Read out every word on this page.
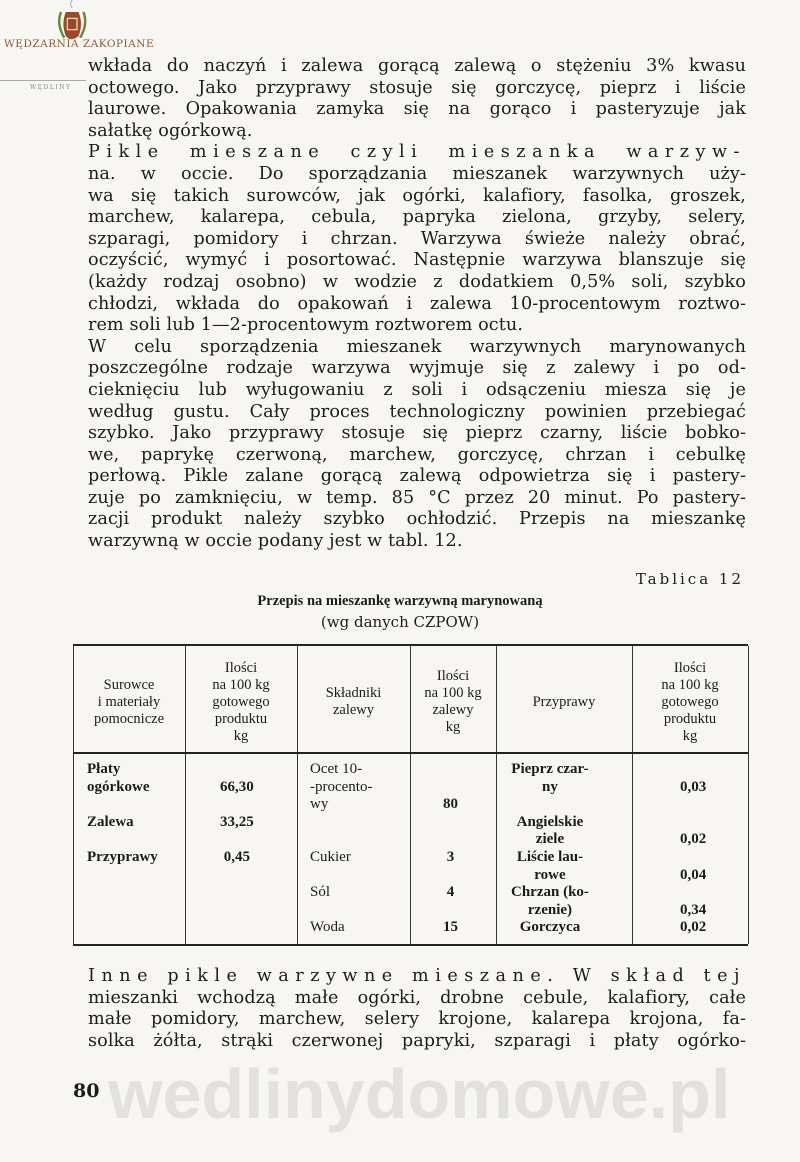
WĘDZARNIA ZAKOPIANE
WĘDLINY
wkłada do naczyń i zalewa gorącą zalewą o stężeniu 3% kwasu
octowego. Jako przyprawy stosuje się gorczycę, pieprz i liście
laurowe. Opakowania zamyka się na gorąco i pasteryzuje jak
sałatkę ogórkową.
Pikle mieszane czyli mieszanka warzyw-
na. w occie. Do sporządzania mieszanek warzywnych uży-
wa się takich surowców, jak ogórki, kalafiory, fasolka, groszek,
marchew, kalarepa, cebula, papryka zielona, grzyby, selery,
szparagi, pomidory i chrzan. Warzywa świeże należy obrać,
oczyścić, wymyć i posortować. Następnie warzywa blanszuje się
(każdy rodzaj osobno) w wodzie z dodatkiem 0,5% soli, szybko
chłodzi, wkłada do opakowań i zalewa 10-procentowym roztwo-
rem soli lub 1—2-procentowym roztworem octu.
W celu sporządzenia mieszanek warzywnych marynowanych
poszczególne rodzaje warzywa wyjmuje się z zalewy i po od-
cieknięciu lub wyługowaniu z soli i odsączeniu miesza się je
według gustu. Cały proces technologiczny powinien przebiegać
szybko. Jako przyprawy stosuje się pieprz czarny, liście bobko-
we, paprykę czerwoną, marchew, gorczycę, chrzan i cebulkę
perłową. Pikle zalane gorącą zalewą odpowietrza się i pastery-
zuje po zamknięciu, w temp. 85 °C przez 20 minut. Po pastery-
zacji produkt należy szybko ochłodzić. Przepis na mieszankę
warzywną w occie podany jest w tabl. 12.
Tablica 12
Przepis na mieszankę warzywną marynowaną
(wg danych CZPOW)
Surowce
i materiały
pomocnicze
Ilości
na 100 kg
gotowego
produktu
kg
Składniki
zalewy
Ilości
na 100 kg
zalewy
kg
Przyprawy
Ilości
na 100 kg
gotowego
produktu
kg
Płaty
ogórkowe

Zalewa

Przyprawy

66,30

33,25

0,45
Ocet 10-
-procento-
wy

Cukier

Sól

Woda

80

3

4

15
Pieprz czar-
ny

Angielskie
ziele
Liście lau-
rowe
Chrzan (ko-
rzenie)
Gorczyca

0,03

0,02

0,04

0,34
0,02
Inne pikle warzywne mieszane. W skład tej
mieszanki wchodzą małe ogórki, drobne cebule, kalafiory, całe
małe pomidory, marchew, selery krojone, kalarepa krojona, fa-
solka żółta, strąki czerwonej papryki, szparagi i płaty ogórko-
wedlinydomowe.pl
80
